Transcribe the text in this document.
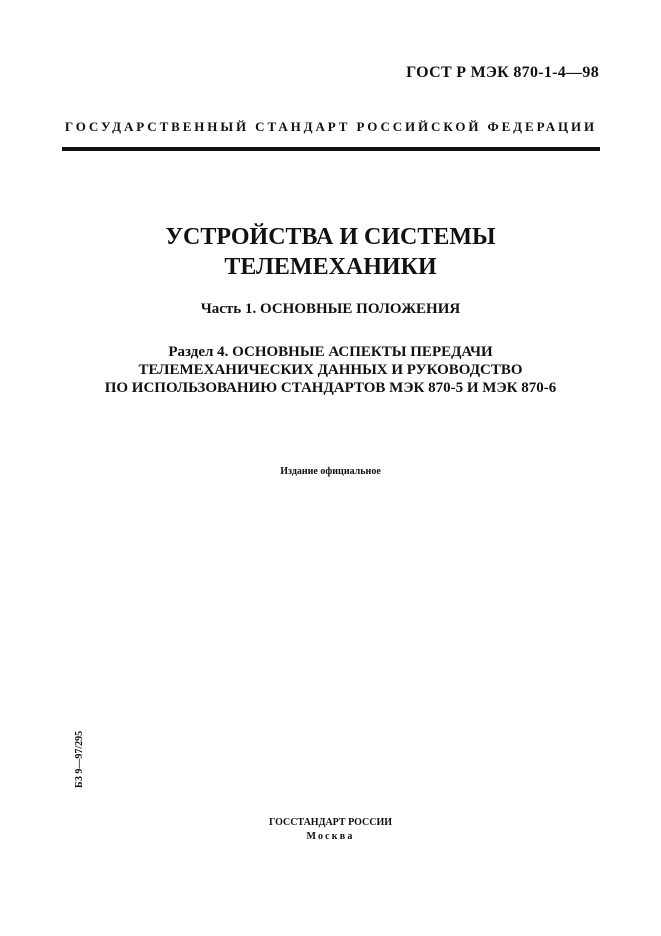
ГОСТ Р МЭК 870-1-4—98
ГОСУДАРСТВЕННЫЙ СТАНДАРТ РОССИЙСКОЙ ФЕДЕРАЦИИ
УСТРОЙСТВА И СИСТЕМЫ
ТЕЛЕМЕХАНИКИ
Часть 1. ОСНОВНЫЕ ПОЛОЖЕНИЯ
Раздел 4. ОСНОВНЫЕ АСПЕКТЫ ПЕРЕДАЧИ
ТЕЛЕМЕХАНИЧЕСКИХ ДАННЫХ И РУКОВОДСТВО
ПО ИСПОЛЬЗОВАНИЮ СТАНДАРТОВ МЭК 870-5 И МЭК 870-6
Издание официальное
БЗ 9—97/295
ГОССТАНДАРТ РОССИИ
Москва
